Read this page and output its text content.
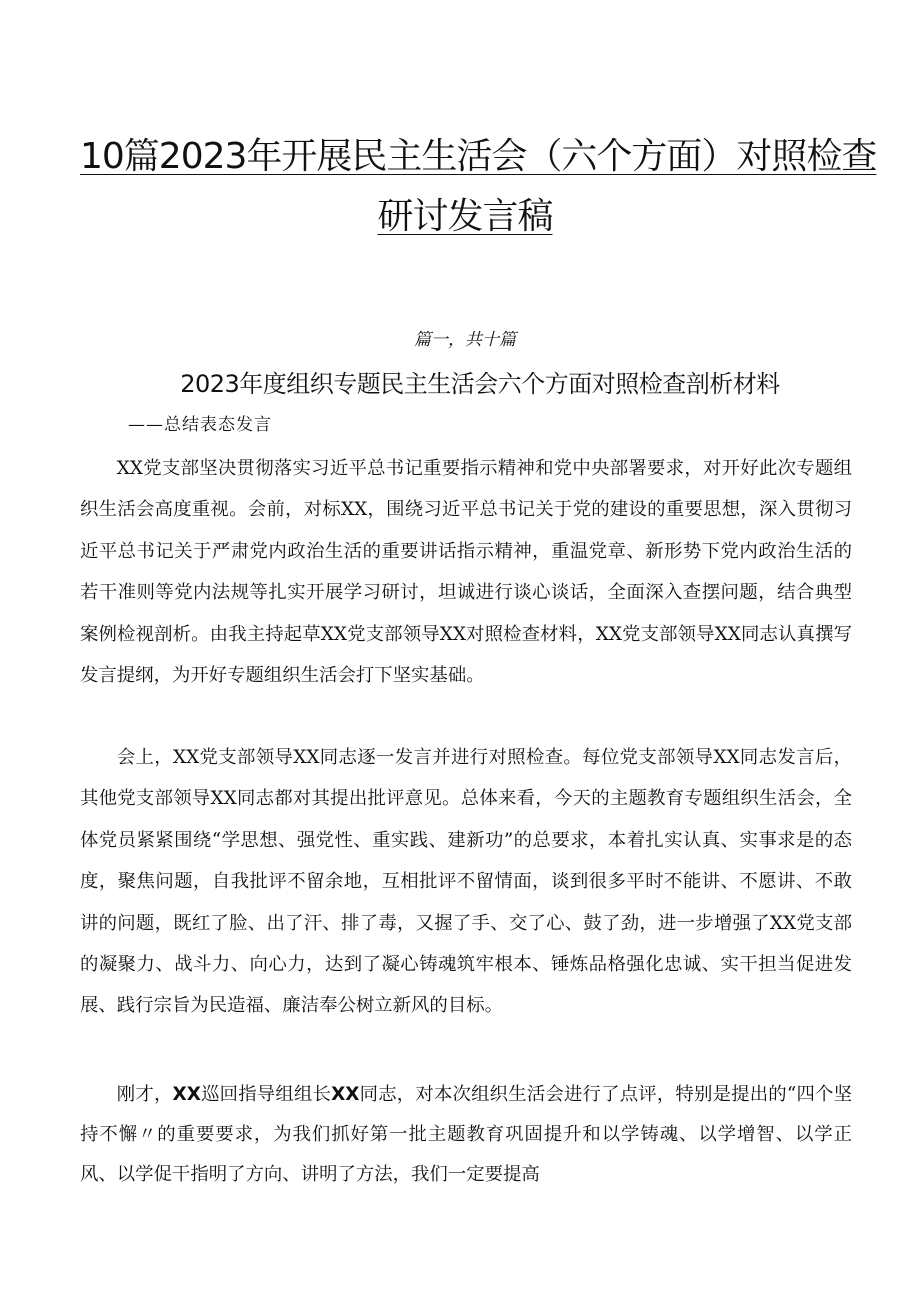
10篇2023年开展民主生活会（六个方面）对照检查
研讨发言稿
篇一，共十篇
2023年度组织专题民主生活会六个方面对照检查剖析材料
——总结表态发言

XX党支部坚决贯彻落实习近平总书记重要指示精神和党中央部署要求，对开好此次专题组织生活会高度重视。会前，对标XX，围绕习近平总书记关于党的建设的重要思想，深入贯彻习近平总书记关于严肃党内政治生活的重要讲话指示精神，重温党章、新形势下党内政治生活的若干准则等党内法规等扎实开展学习研讨，坦诚进行谈心谈话，全面深入查摆问题，结合典型案例检视剖析。由我主持起草XX党支部领导XX对照检查材料，XX党支部领导XX同志认真撰写发言提纲，为开好专题组织生活会打下坚实基础。

会上，XX党支部领导XX同志逐一发言并进行对照检查。每位党支部领导XX同志发言后，其他党支部领导XX同志都对其提出批评意见。总体来看，今天的主题教育专题组织生活会，全体党员紧紧围绕“学思想、强党性、重实践、建新功”的总要求，本着扎实认真、实事求是的态度，聚焦问题，自我批评不留余地，互相批评不留情面，谈到很多平时不能讲、不愿讲、不敢讲的问题，既红了脸、出了汗、排了毒，又握了手、交了心、鼓了劲，进一步增强了XX党支部的凝聚力、战斗力、向心力，达到了凝心铸魂筑牢根本、锤炼品格强化忠诚、实干担当促进发展、践行宗旨为民造福、廉洁奉公树立新风的目标。

刚才，XX巡回指导组组长XX同志，对本次组织生活会进行了点评，特别是提出的“四个坚持不懈〃的重要要求，为我们抓好第一批主题教育巩固提升和以学铸魂、以学增智、以学正风、以学促干指明了方向、讲明了方法，我们一定要提高
